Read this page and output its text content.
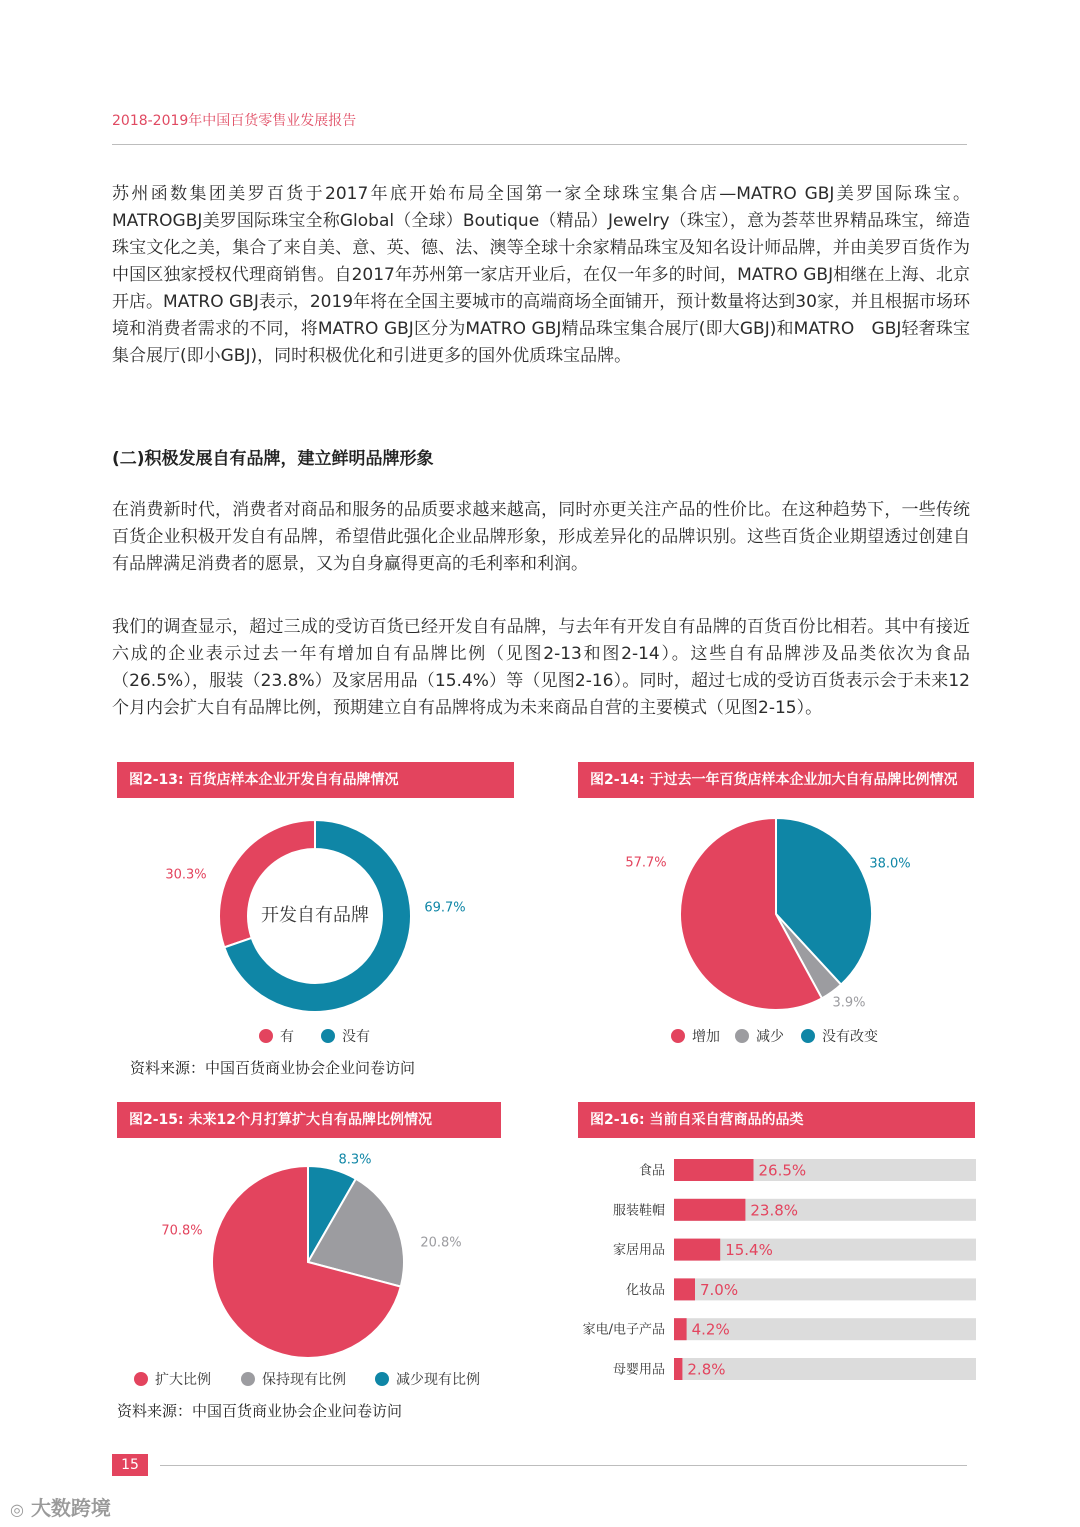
2018-2019年中国百货零售业发展报告

苏州函数集团美罗百货于2017年底开始布局全国第一家全球珠宝集合店—MATRO GBJ美罗国际珠宝。MATROGBJ美罗国际珠宝全称Global（全球）Boutique（精品）Jewelry（珠宝），意为荟萃世界精品珠宝，缔造珠宝文化之美，集合了来自美、意、英、德、法、澳等全球十余家精品珠宝及知名设计师品牌，并由美罗百货作为中国区独家授权代理商销售。自2017年苏州第一家店开业后，在仅一年多的时间，MATRO GBJ相继在上海、北京开店。MATRO GBJ表示，2019年将在全国主要城市的高端商场全面铺开，预计数量将达到30家，并且根据市场环境和消费者需求的不同，将MATRO GBJ区分为MATRO GBJ精品珠宝集合展厅(即大GBJ)和MATRO　GBJ轻奢珠宝集合展厅(即小GBJ)，同时积极优化和引进更多的国外优质珠宝品牌。

(二)积极发展自有品牌，建立鲜明品牌形象

在消费新时代，消费者对商品和服务的品质要求越来越高，同时亦更关注产品的性价比。在这种趋势下，一些传统百货企业积极开发自有品牌，希望借此强化企业品牌形象，形成差异化的品牌识别。这些百货企业期望透过创建自有品牌满足消费者的愿景，又为自身赢得更高的毛利率和利润。

我们的调查显示，超过三成的受访百货已经开发自有品牌，与去年有开发自有品牌的百货百份比相若。其中有接近六成的企业表示过去一年有增加自有品牌比例（见图2-13和图2-14）。这些自有品牌涉及品类依次为食品（26.5%），服装（23.8%）及家居用品（15.4%）等（见图2-16）。同时，超过七成的受访百货表示会于未来12个月内会扩大自有品牌比例，预期建立自有品牌将成为未来商品自营的主要模式（见图2-15）。

图2-13: 百货店样本企业开发自有品牌情况	图2-14: 于过去一年百货店样本企业加大自有品牌比例情况
图2-15: 未来12个月打算扩大自有品牌比例情况	图2-16: 当前自采自营商品的品类
30.3%
69.7%
开发自有品牌
有	没有
57.7%
3.9%
38.0%
增加	减少	没有改变
70.8%
20.8%
8.3%
扩大比例	保持现有比例	减少现有比例
食品	26.5%
服装鞋帽	23.8%
家居用品	15.4%
化妆品 7.0%
家电/电子产品 4.2%
母婴用品 2.8%
资料来源：中国百货商业协会企业问卷访问
资料来源：中国百货商业协会企业问卷访问
15
◎ 大数跨境
